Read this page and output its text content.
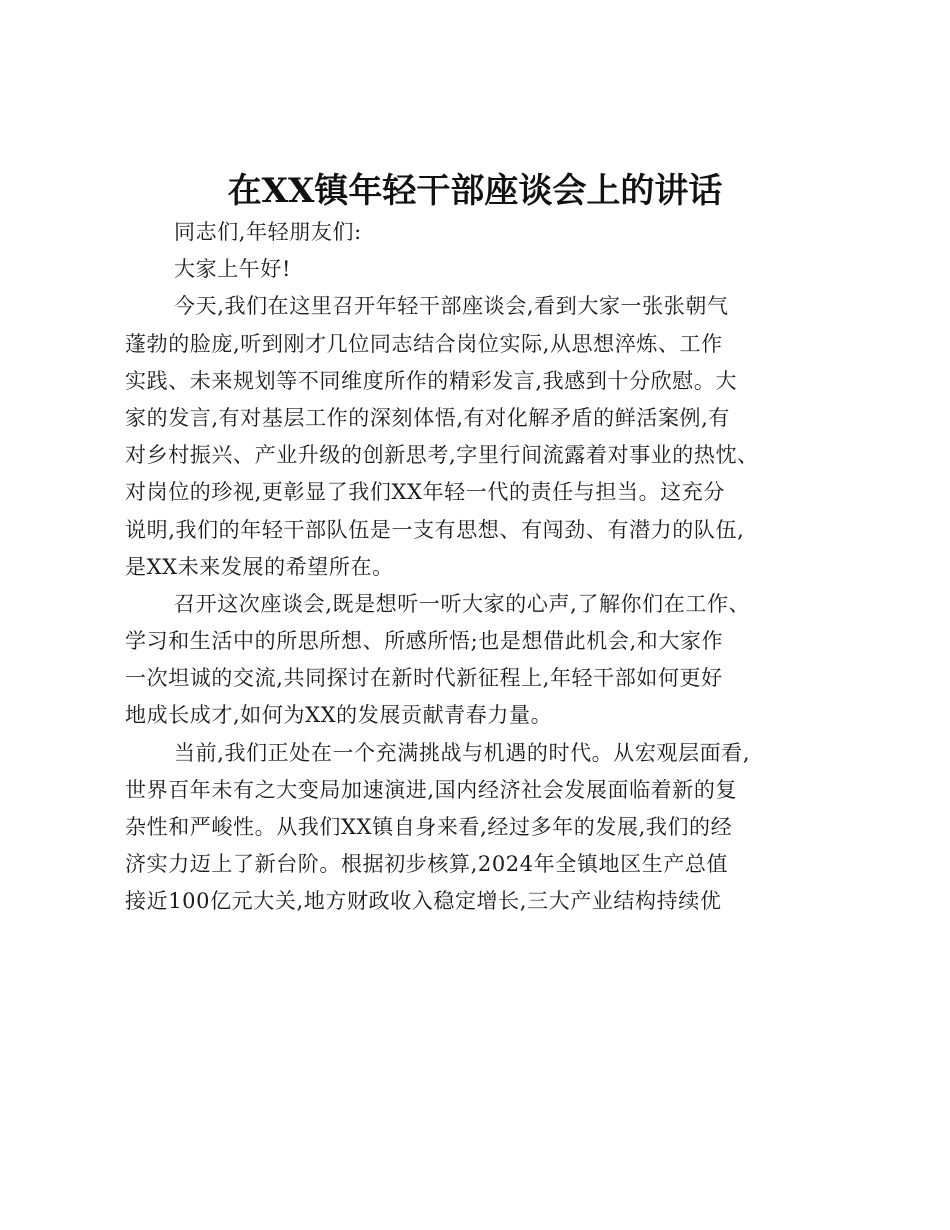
在XX镇年轻干部座谈会上的讲话
同志们,年轻朋友们:
大家上午好!
今天,我们在这里召开年轻干部座谈会,看到大家一张张朝气
蓬勃的脸庞,听到刚才几位同志结合岗位实际,从思想淬炼、工作
实践、未来规划等不同维度所作的精彩发言,我感到十分欣慰。大
家的发言,有对基层工作的深刻体悟,有对化解矛盾的鲜活案例,有
对乡村振兴、产业升级的创新思考,字里行间流露着对事业的热忱、
对岗位的珍视,更彰显了我们XX年轻一代的责任与担当。这充分
说明,我们的年轻干部队伍是一支有思想、有闯劲、有潜力的队伍,
是XX未来发展的希望所在。
召开这次座谈会,既是想听一听大家的心声,了解你们在工作、
学习和生活中的所思所想、所感所悟;也是想借此机会,和大家作
一次坦诚的交流,共同探讨在新时代新征程上,年轻干部如何更好
地成长成才,如何为XX的发展贡献青春力量。
当前,我们正处在一个充满挑战与机遇的时代。从宏观层面看,
世界百年未有之大变局加速演进,国内经济社会发展面临着新的复
杂性和严峻性。从我们XX镇自身来看,经过多年的发展,我们的经
济实力迈上了新台阶。根据初步核算,2024年全镇地区生产总值
接近100亿元大关,地方财政收入稳定增长,三大产业结构持续优
